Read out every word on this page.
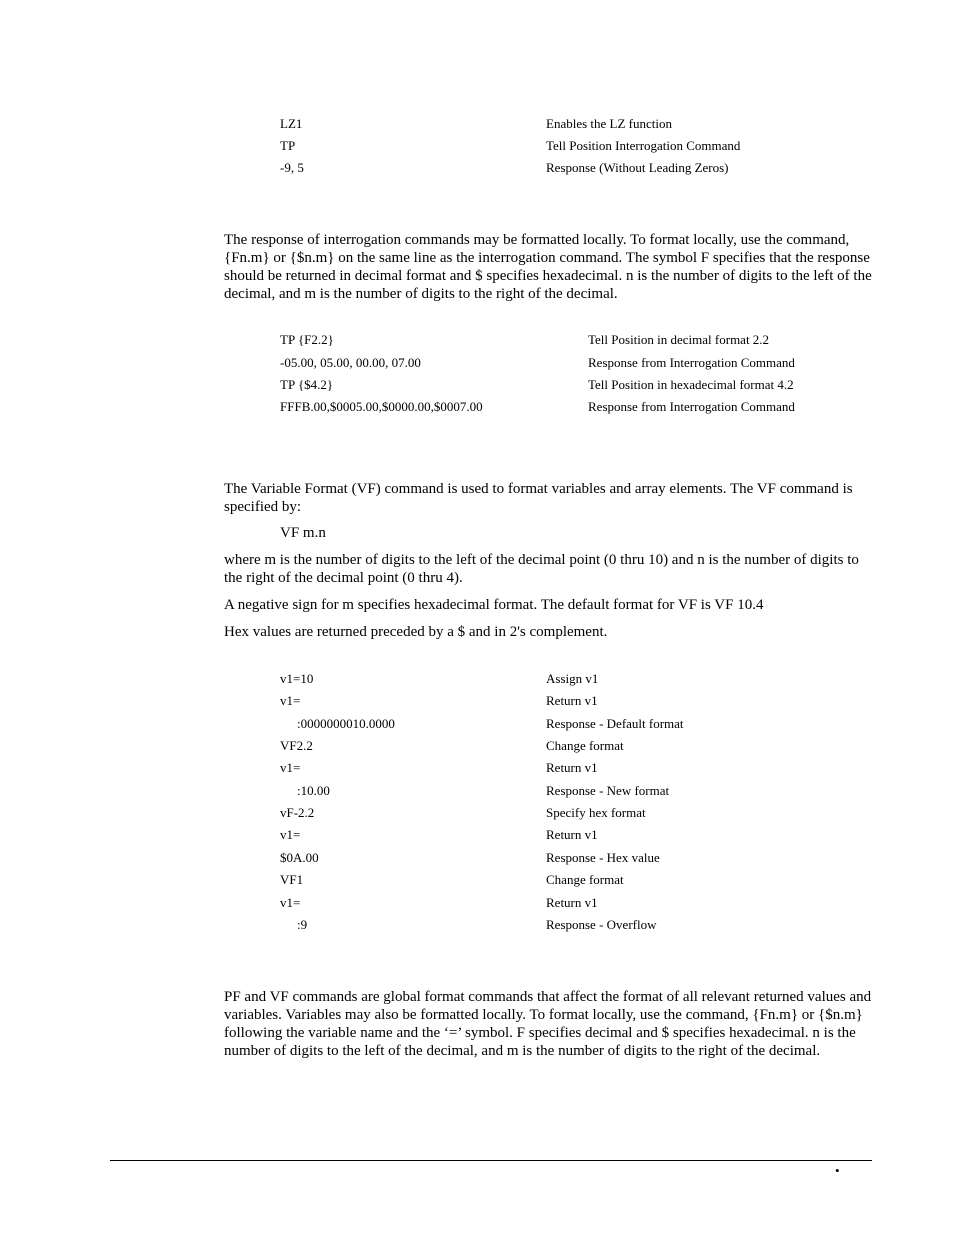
LZ1	Enables the LZ function
TP	Tell Position Interrogation Command
-9, 5	Response (Without Leading Zeros)

The response of interrogation commands may be formatted locally. To format locally, use the command, {Fn.m} or {$n.m} on the same line as the interrogation command. The symbol F specifies that the response should be returned in decimal format and $ specifies hexadecimal. n is the number of digits to the left of the decimal, and m is the number of digits to the right of the decimal.

TP {F2.2}	Tell Position in decimal format 2.2
-05.00, 05.00, 00.00, 07.00	Response from Interrogation Command
TP {$4.2}	Tell Position in hexadecimal format 4.2
FFFB.00,$0005.00,$0000.00,$0007.00	Response from Interrogation Command

The Variable Format (VF) command is used to format variables and array elements. The VF command is specified by:

VF m.n

where m is the number of digits to the left of the decimal point (0 thru 10) and n is the number of digits to the right of the decimal point (0 thru 4).

A negative sign for m specifies hexadecimal format. The default format for VF is VF 10.4
Hex values are returned preceded by a $ and in 2's complement.
v1=10	Assign v1
v1=	Return v1
:0000000010.0000	Response - Default format
VF2.2	Change format
v1=	Return v1
:10.00	Response - New format
vF-2.2	Specify hex format
v1=	Return v1
$0A.00	Response - Hex value
VF1	Change format
v1=	Return v1
:9	Response - Overflow

PF and VF commands are global format commands that affect the format of all relevant returned values and variables. Variables may also be formatted locally. To format locally, use the command, {Fn.m} or {$n.m} following the variable name and the ‘=’ symbol. F specifies decimal and $ specifies hexadecimal. n is the number of digits to the left of the decimal, and m is the number of digits to the right of the decimal.

•
